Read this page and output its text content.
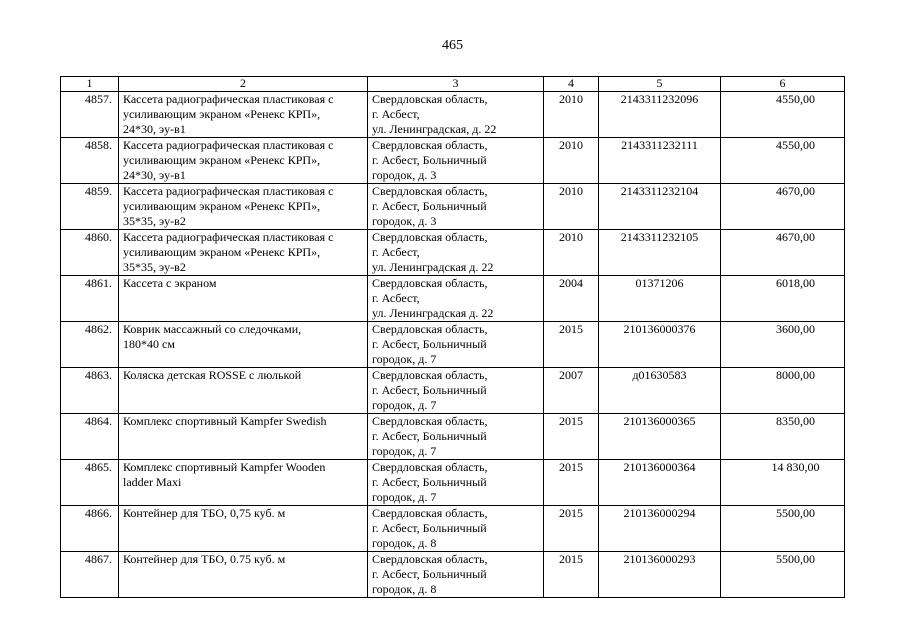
465
1	2	3	4	5	6
4857.	Кассета радиографическая пластиковая с
усиливающим экраном «Ренекс КРП»,
24*30, эу-в1	Свердловская область,
г. Асбест,
ул. Ленинградская, д. 22	2010	2143311232096	4550,00
4858.	Кассета радиографическая пластиковая с
усиливающим экраном «Ренекс КРП»,
24*30, эу-в1	Свердловская область,
г. Асбест, Больничный
городок, д. 3	2010	2143311232111	4550,00
4859.	Кассета радиографическая пластиковая с
усиливающим экраном «Ренекс КРП»,
35*35, эу-в2	Свердловская область,
г. Асбест, Больничный
городок, д. 3	2010	2143311232104	4670,00
4860.	Кассета радиографическая пластиковая с
усиливающим экраном «Ренекс КРП»,
35*35, эу-в2	Свердловская область,
г. Асбест,
ул. Ленинградская д. 22	2010	2143311232105	4670,00
4861.	Кассета с экраном	Свердловская область,
г. Асбест,
ул. Ленинградская д. 22	2004	01371206	6018,00
4862.	Коврик массажный со следочками,
180*40 см	Свердловская область,
г. Асбест, Больничный
городок, д. 7	2015	210136000376	3600,00
4863.	Коляска детская ROSSE с люлькой	Свердловская область,
г. Асбест, Больничный
городок, д. 7	2007	д01630583	8000,00
4864.	Комплекс спортивный Kampfer Swedish	Свердловская область,
г. Асбест, Больничный
городок, д. 7	2015	210136000365	8350,00
4865.	Комплекс спортивный Kampfer Wooden
ladder Maxi	Свердловская область,
г. Асбест, Больничный
городок, д. 7	2015	210136000364	14 830,00
4866.	Контейнер для ТБО, 0,75 куб. м	Свердловская область,
г. Асбест, Больничный
городок, д. 8	2015	210136000294	5500,00
4867.	Контейнер для ТБО, 0.75 куб. м	Свердловская область,
г. Асбест, Больничный
городок, д. 8	2015	210136000293	5500,00
